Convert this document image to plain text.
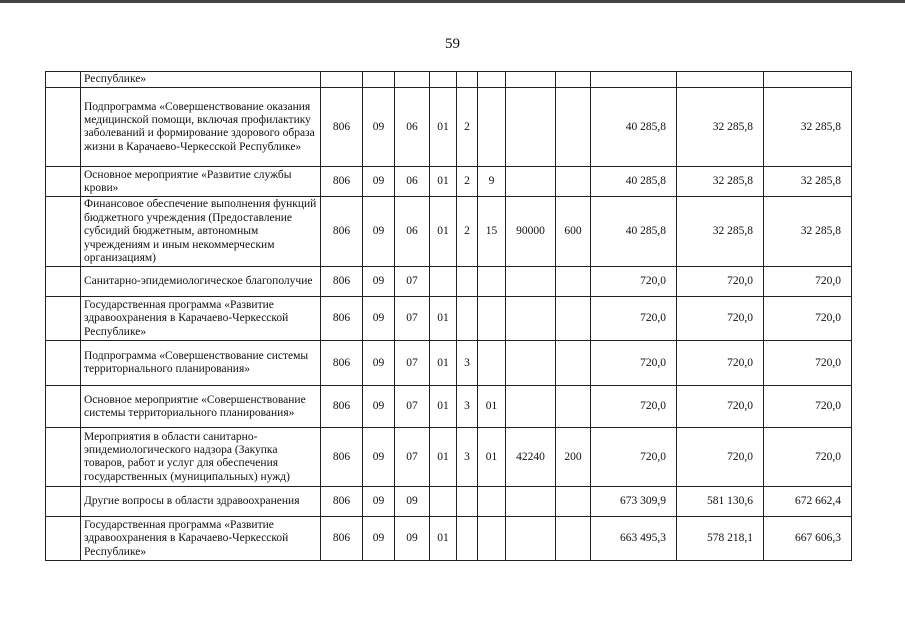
59
	Республике»											
	Подпрограмма «Совершенствование оказания медицинской помощи, включая профилактику заболеваний и формирование здорового образа жизни в Карачаево-Черкесской Республике»	806	09	06	01	2				40 285,8	32 285,8	32 285,8
	Основное мероприятие «Развитие службы крови»	806	09	06	01	2	9			40 285,8	32 285,8	32 285,8
	Финансовое обеспечение выполнения функций бюджетного учреждения (Предоставление субсидий бюджетным, автономным учреждениям и иным некоммерческим организациям)	806	09	06	01	2	15	90000	600	40 285,8	32 285,8	32 285,8
	Санитарно-эпидемиологическое благополучие	806	09	07						720,0	720,0	720,0
	Государственная программа «Развитие здравоохранения в Карачаево-Черкесской Республике»	806	09	07	01					720,0	720,0	720,0
	Подпрограмма «Совершенствование системы территориального планирования»	806	09	07	01	3				720,0	720,0	720,0
	Основное мероприятие «Совершенствование системы территориального планирования»	806	09	07	01	3	01			720,0	720,0	720,0
	Мероприятия в области санитарно-эпидемиологического надзора (Закупка товаров, работ и услуг для обеспечения государственных (муниципальных) нужд)	806	09	07	01	3	01	42240	200	720,0	720,0	720,0
	Другие вопросы в области здравоохранения	806	09	09						673 309,9	581 130,6	672 662,4
	Государственная программа «Развитие здравоохранения в Карачаево-Черкесской Республике»	806	09	09	01					663 495,3	578 218,1	667 606,3
